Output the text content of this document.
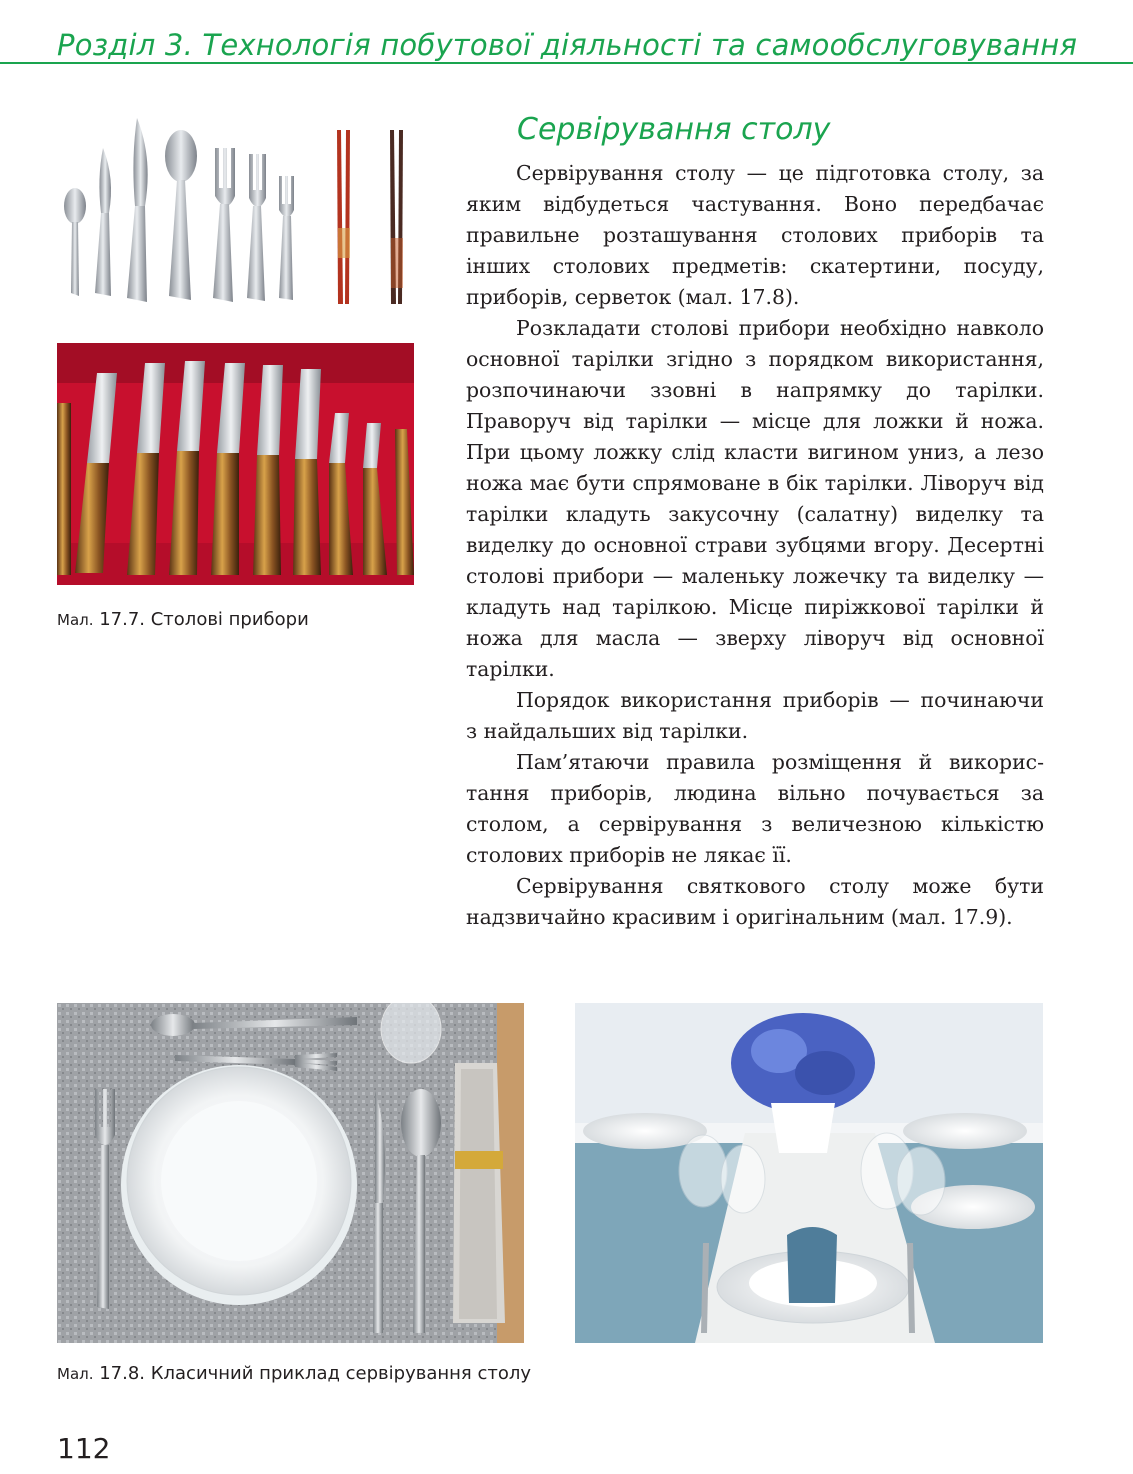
Розділ 3. Технологія побутової діяльності та самообслуговування
Мал. 17.7. Столові прибори
Сервірування столу

Сервірування столу — це підготовка столу, за яким відбудеться частування. Воно передбачає правильне розташування столових приборів та інших столових предметів: скатертини, посуду, приборів, серветок (мал. 17.8).

Розкладати столові прибори необхідно навколо основної тарілки згідно з порядком використання, розпочинаючи ззовні в напрямку до тарілки. Праворуч від тарілки — місце для ложки й ножа. При цьому ложку слід класти вигином униз, а лезо ножа має бути спрямоване в бік тарілки. Ліворуч від тарілки кладуть закусочну (салатну) виделку та виделку до основної страви зубцями вгору. Десертні столові прибори — маленьку ложечку та виделку — кладуть над тарілкою. Місце пиріжкової тарілки й ножа для масла — зверху ліворуч від основної тарілки.

Порядок використання приборів — починаючи з найдальших від тарілки.

Пам’ятаючи правила розміщення й використання приборів, людина вільно почувається за столом, а сервірування з величезною кількістю столових приборів не лякає її.

Сервірування святкового столу може бути надзвичайно красивим і оригінальним (мал. 17.9).

Мал. 17.8. Класичний приклад сервірування столу
112
